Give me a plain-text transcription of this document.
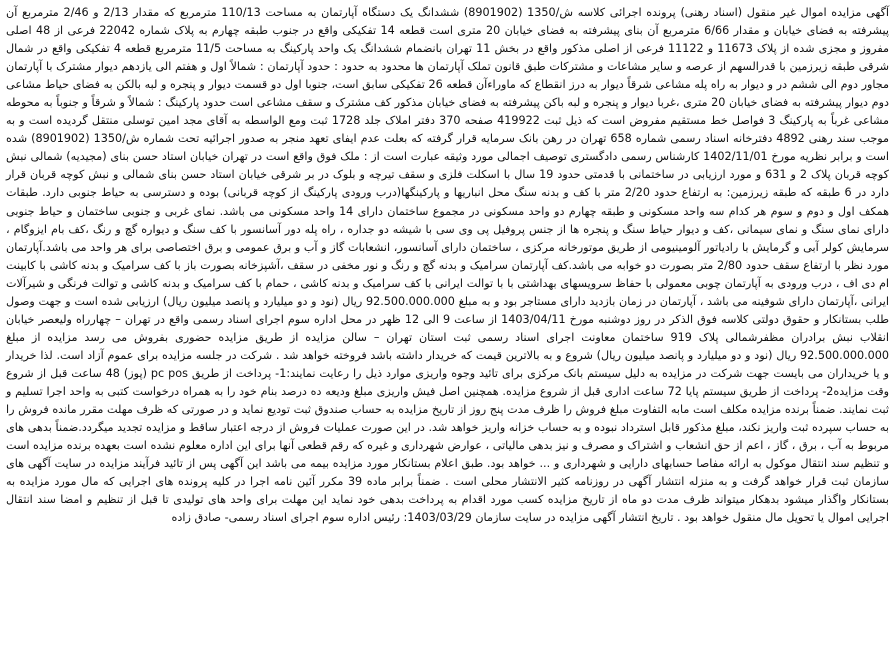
آگهی مزایده اموال غیر منقول (اسناد رهنی) پرونده اجرائی کلاسه ش/1350 (8901902) ششدانگ یک دستگاه آپارتمان به مساحت 110/13 مترمربع که مقدار 2/13 و 2/46 مترمربع آن پیشرفته به فضای خیابان و مقدار 6/66 مترمربع آن بنای پیشرفته به فضای خیابان 20 متری است قطعه 14 تفکیکی واقع در جنوب طبقه چهارم به پلاک شماره 22042 فرعی از 48 اصلی مفروز و مجزی شده از پلاک 11673 و 11122 فرعی از اصلی مذکور واقع در بخش 11 تهران بانضمام ششدانگ یک واحد پارکینگ به مساحت 11/5 مترمربع قطعه 4 تفکیکی واقع در شمال شرقی طبقه زیرزمین با قدرالسهم از عرصه و سایر مشاعات و مشترکات طبق قانون تملک آپارتمان ها محدود به حدود : حدود آپارتمان : شمالاً اول و هفتم الی یازدهم دیوار مشترک با آپارتمان مجاور دوم الی ششم در و دیوار به راه پله مشاعی شرقاً دیوار به درز انقطاع که ماوراءآن قطعه 26 تفکیکی سابق است، جنوبا اول دو قسمت دیوار و پنجره و لبه بالکن به فضای حیاط مشاعی دوم دیوار پیشرفته به فضای خیابان 20 متری ،غربا دیوار و پنجره و لبه باکن پیشرفته به فضای خیابان مذکور کف مشترک و سقف مشاعی است حدود پارکینگ : شمالاً و شرقاً و جنوباً به محوطه مشاعی غرباً به پارکینگ 3 فواصل خط مستقیم مفروض است که ذیل ثبت 419922 صفحه 370 دفتر املاک جلد 1728 ثبت ومع الواسطه به آقای مجد امین توسلی منتقل گردیده است و به موجب سند رهنی 4892 دفترخانه اسناد رسمی شماره 658 تهران در رهن بانک سرمایه قرار گرفته که بعلت عدم ایفای تعهد منجر به صدور اجرائیه تحت شماره ش/1350 (8901902) شده است و برابر نظریه مورخ 1402/11/01 کارشناس رسمی دادگستری توصیف اجمالی مورد وثیقه عبارت است از : ملک فوق واقع است در تهران خیابان استاد حسن بنای (مجیدیه) شمالی نبش کوچه قربان پلاک 2 و 631 و مورد ارزیابی در ساختمانی با قدمتی حدود 19 سال با اسکلت فلزی و سقف تیرچه و بلوک در بر شرقی خیابان استاد حسن بنای شمالی و نبش کوچه قربان قرار دارد در 6 طبقه که طبقه زیرزمین: به ارتفاع حدود 2/20 متر با کف و بدنه سنگ محل انباریها و پارکینگها(درب ورودی پارکینگ از کوچه قربانی) بوده و دسترسی به حیاط جنوبی دارد. طبقات همکف اول و دوم و سوم هر کدام سه واحد مسکونی و طبقه چهارم دو واحد مسکونی در مجموع ساختمان دارای 14 واحد مسکونی می باشد. نمای غربی و جنوبی ساختمان و حیاط جنوبی دارای نمای سنگ و نمای سیمانی ،کف و دیوار حیاط سنگ و پنجره ها از جنس پروفیل پی وی سی با شیشه دو جداره ، راه پله دور آسانسور با کف سنگ و دیواره گچ و رنگ ،کف بام ایزوگام ، سرمایش کولر آبی و گرمایش با رادیاتور آلومینیومی از طریق موتورخانه مرکزی ، ساختمان دارای آسانسور، انشعابات گاز و آب و برق عمومی و برق اختصاصی برای هر واحد می باشد.آپارتمان مورد نظر با ارتفاع سقف حدود 2/80 متر بصورت دو خوابه می باشد.کف آپارتمان سرامیک و بدنه گچ و رنگ و نور مخفی در سقف ،آشپزخانه بصورت باز با کف سرامیک و بدنه کاشی با کابینت ام دی اف ، درب ورودی به آپارتمان چوبی معمولی با حفاظ سرویسهای بهداشتی با با توالت ایرانی با کف سرامیک و بدنه کاشی ، حمام با کف سرامیک و بدنه کاشی و توالت فرنگی و شیرآلات ایرانی ،آپارتمان دارای شوفینه می باشد ، آپارتمان در زمان بازدید دارای مستاجر بود و به مبلغ 92.500.000.000 ریال (نود و دو میلیارد و پانصد میلیون ریال) ارزیابی شده است و جهت وصول طلب بستانکار و حقوق دولتی کلاسه فوق الذکر در روز دوشنبه مورخ 1403/04/11 از ساعت 9 الی 12 ظهر در محل اداره سوم اجرای اسناد رسمی واقع در تهران – چهارراه ولیعصر خیابان انقلاب نبش برادران مظفرشمالی پلاک 919 ساختمان معاونت اجرای اسناد رسمی ثبت استان تهران – سالن مزایده از طریق مزایده حضوری بفروش می رسد مزایده از مبلغ 92.500.000.000 ریال (نود و دو میلیارد و پانصد میلیون ریال) شروع و به بالاترین قیمت که خریدار داشته باشد فروخته خواهد شد . شرکت در جلسه مزایده برای عموم آزاد است. لذا خریدار و یا خریداران می بایست جهت شرکت در مزایده به دلیل سیستم بانک مرکزی برای تائید وجوه واریزی موارد ذیل را رعایت نمایند:1- پرداخت از طریق pc pos (پوز) 48 ساعت قبل از شروع وقت مزایده2- پرداخت از طریق سیستم پایا 72 ساعت اداری قبل از شروع مزایده. همچنین اصل فیش واریزی مبلغ ودیعه ده درصد بنام خود را به همراه درخواست کتبی به واحد اجرا تسلیم و ثبت نمایند. ضمناً برنده مزایده مکلف است مابه التفاوت مبلغ فروش را ظرف مدت پنج روز از تاریخ مزایده به حساب صندوق ثبت تودیع نماید و در صورتی که ظرف مهلت مقرر مانده فروش را به حساب سپرده ثبت واریز نکند، مبلغ مذکور قابل استرداد نبوده و به حساب خزانه واریز خواهد شد. در این صورت عملیات فروش از درجه اعتبار ساقط و مزایده تجدید میگردد.ضمناً بدهی های مربوط به آب ، برق ، گاز ، اعم از حق انشعاب و اشتراک و مصرف و نیز بدهی مالیاتی ، عوارض شهرداری و غیره که رقم قطعی آنها برای این اداره معلوم نشده است بعهده برنده مزایده است و تنظیم سند انتقال موکول به ارائه مفاصا حسابهای دارایی و شهرداری و ... خواهد بود. طبق اعلام بستانکار مورد مزایده بیمه می باشد این آگهی پس از تائید فرآیند مزایده در سایت آگهی های سازمان ثبت قرار خواهد گرفت و به منزله انتشار آگهی در روزنامه کثیر الانتشار محلی است . ضمناً برابر ماده 39 مکرر آئین نامه اجرا در کلیه پرونده های اجرایی که مال مورد مزایده به بستانکار واگذار میشود بدهکار میتواند ظرف مدت دو ماه از تاریخ مزایده کسب مورد اقدام به پرداخت بدهی خود نماید این مهلت برای واحد های تولیدی تا قبل از تنظیم و امضا سند انتقال اجرایی اموال یا تحویل مال منقول خواهد بود . تاریخ انتشار آگهی مزایده در سایت سازمان 1403/03/29: رئیس اداره سوم اجرای اسناد رسمی- صادق زاده
